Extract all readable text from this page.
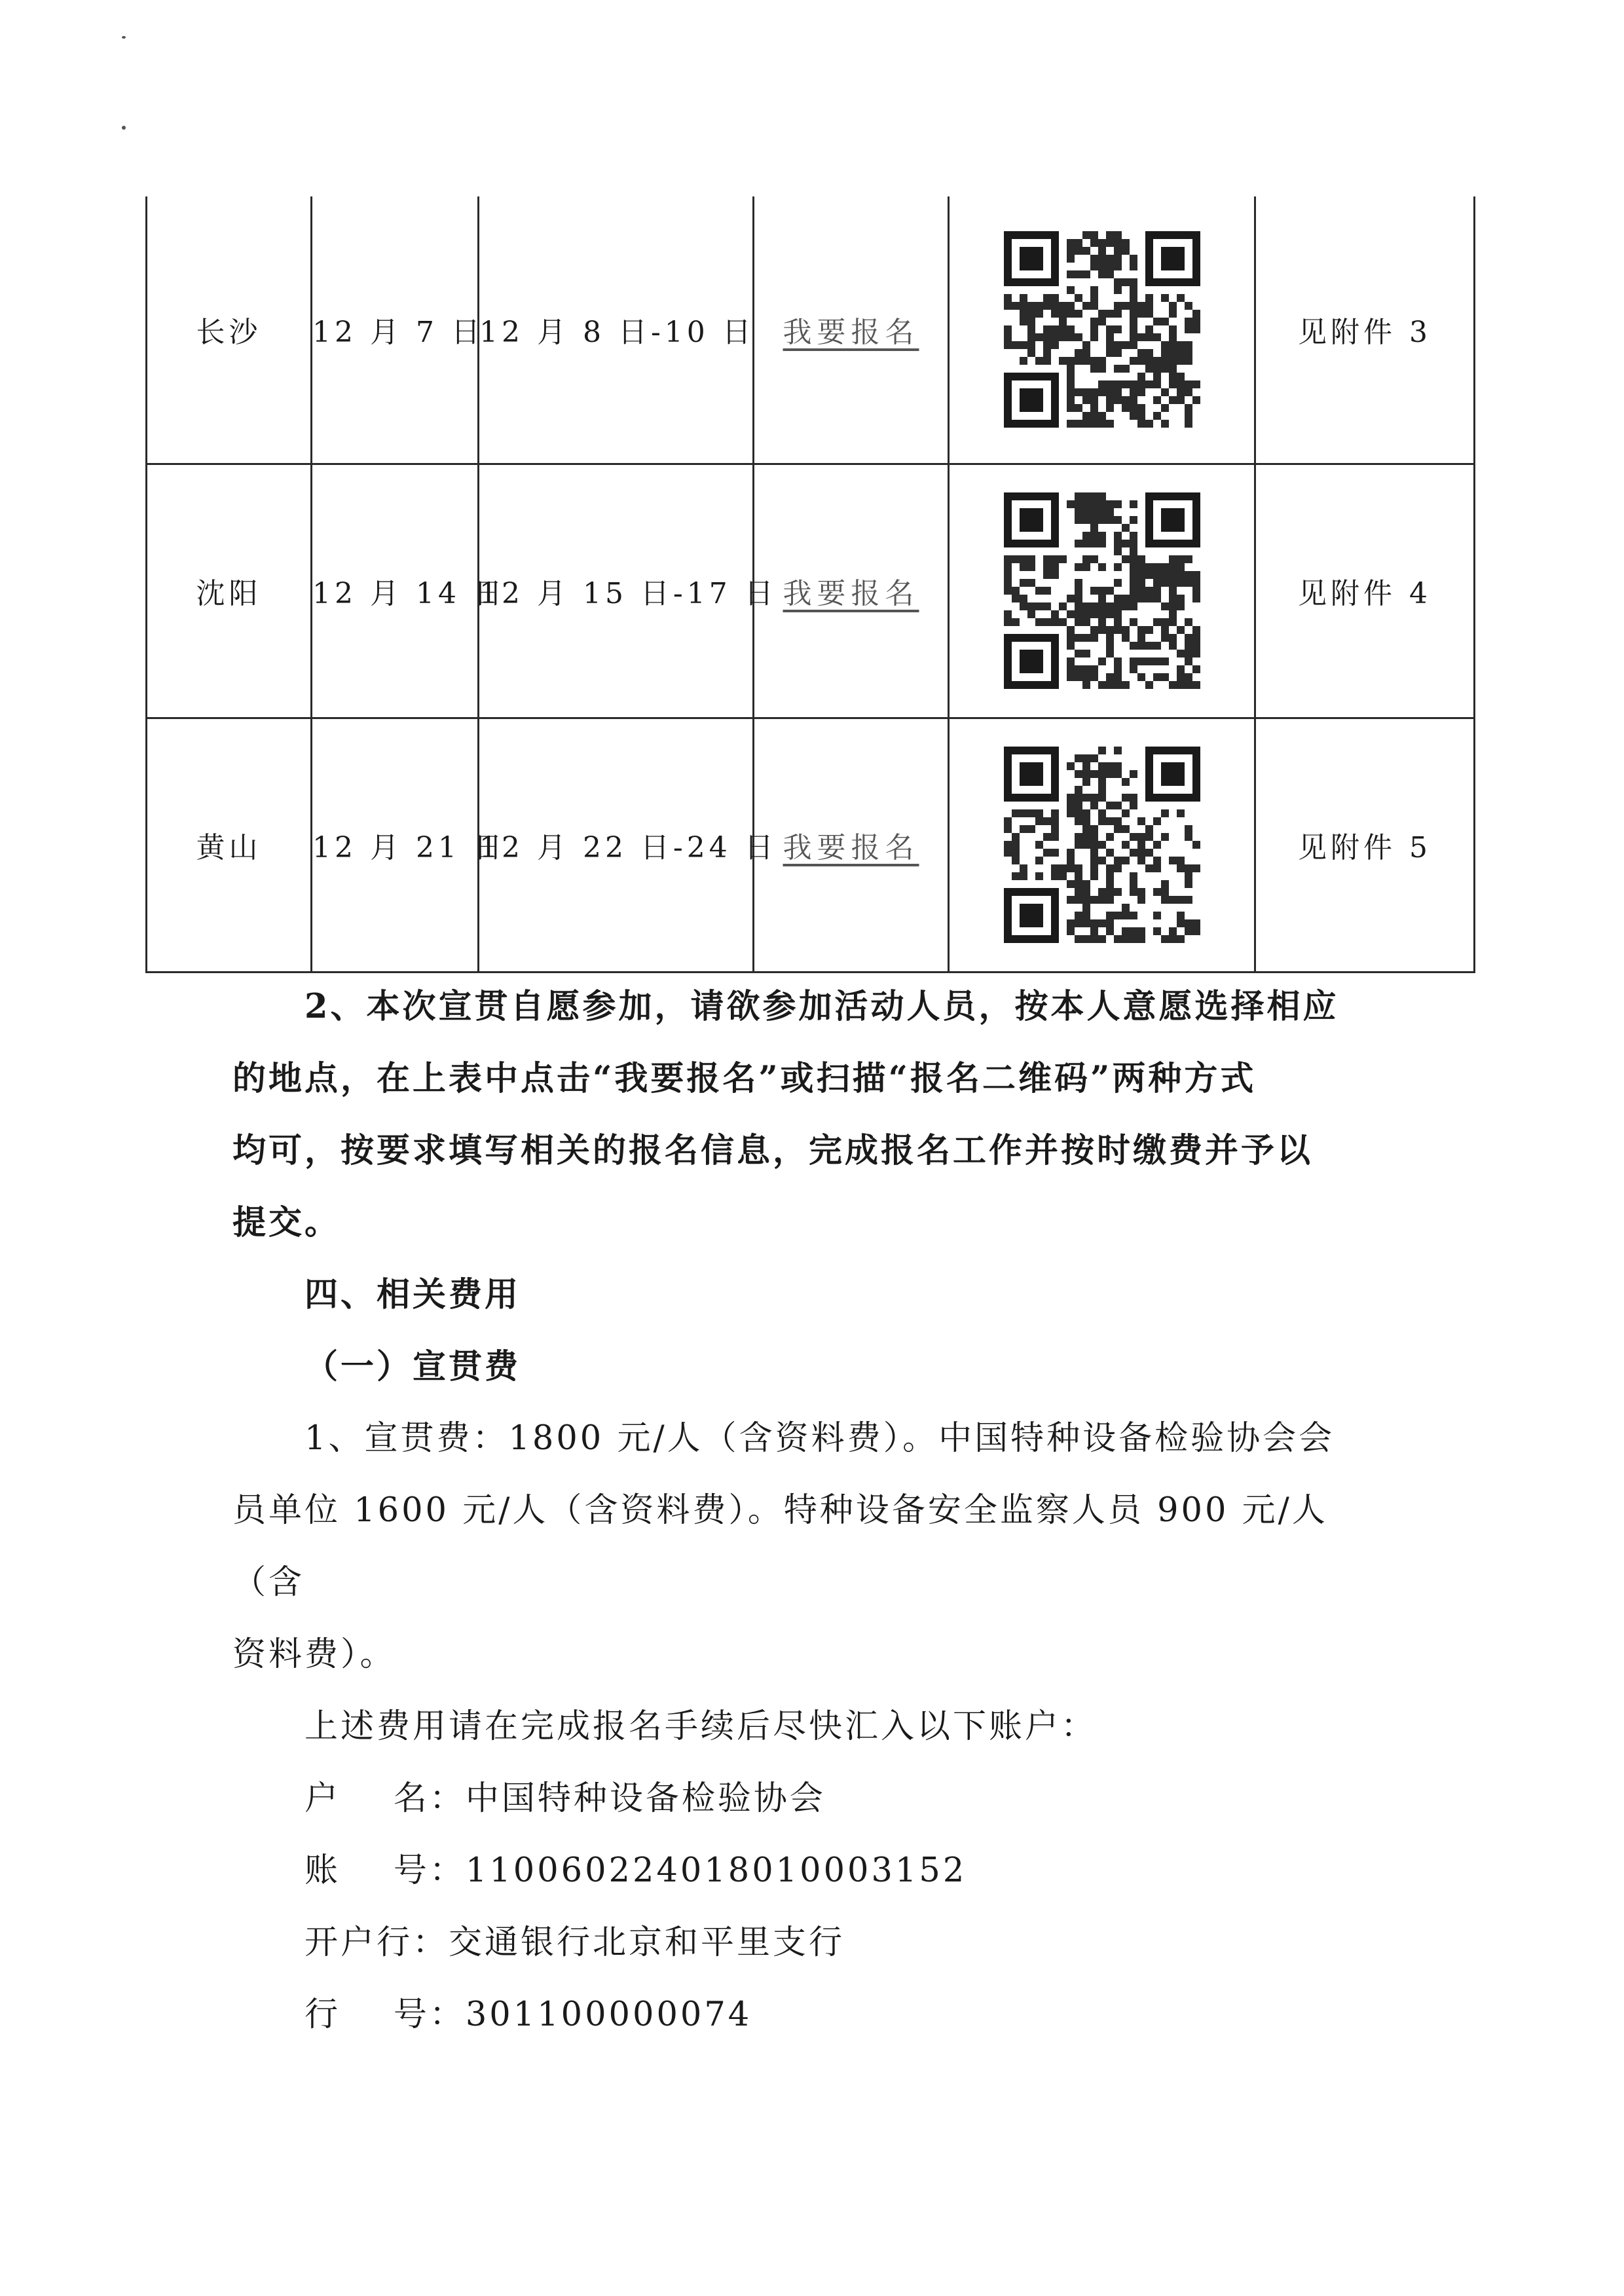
长沙	12 月 7 日	12 月 8 日-10 日	我要报名		见附件 3
沈阳	12 月 14 日	12 月 15 日-17 日	我要报名		见附件 4
黄山	12 月 21 日	12 月 22 日-24 日	我要报名		见附件 5

2、本次宣贯自愿参加，请欲参加活动人员，按本人意愿选择相应

的地点，在上表中点击“我要报名”或扫描“报名二维码”两种方式

均可，按要求填写相关的报名信息，完成报名工作并按时缴费并予以

提交。

四、相关费用

（一）宣贯费

1、宣贯费：1800 元/人（含资料费）。中国特种设备检验协会会

员单位 1600 元/人（含资料费）。特种设备安全监察人员 900 元/人（含

资料费）。

上述费用请在完成报名手续后尽快汇入以下账户：

户    名：中国特种设备检验协会

账    号：110060224018010003152

开户行：交通银行北京和平里支行

行    号：301100000074
